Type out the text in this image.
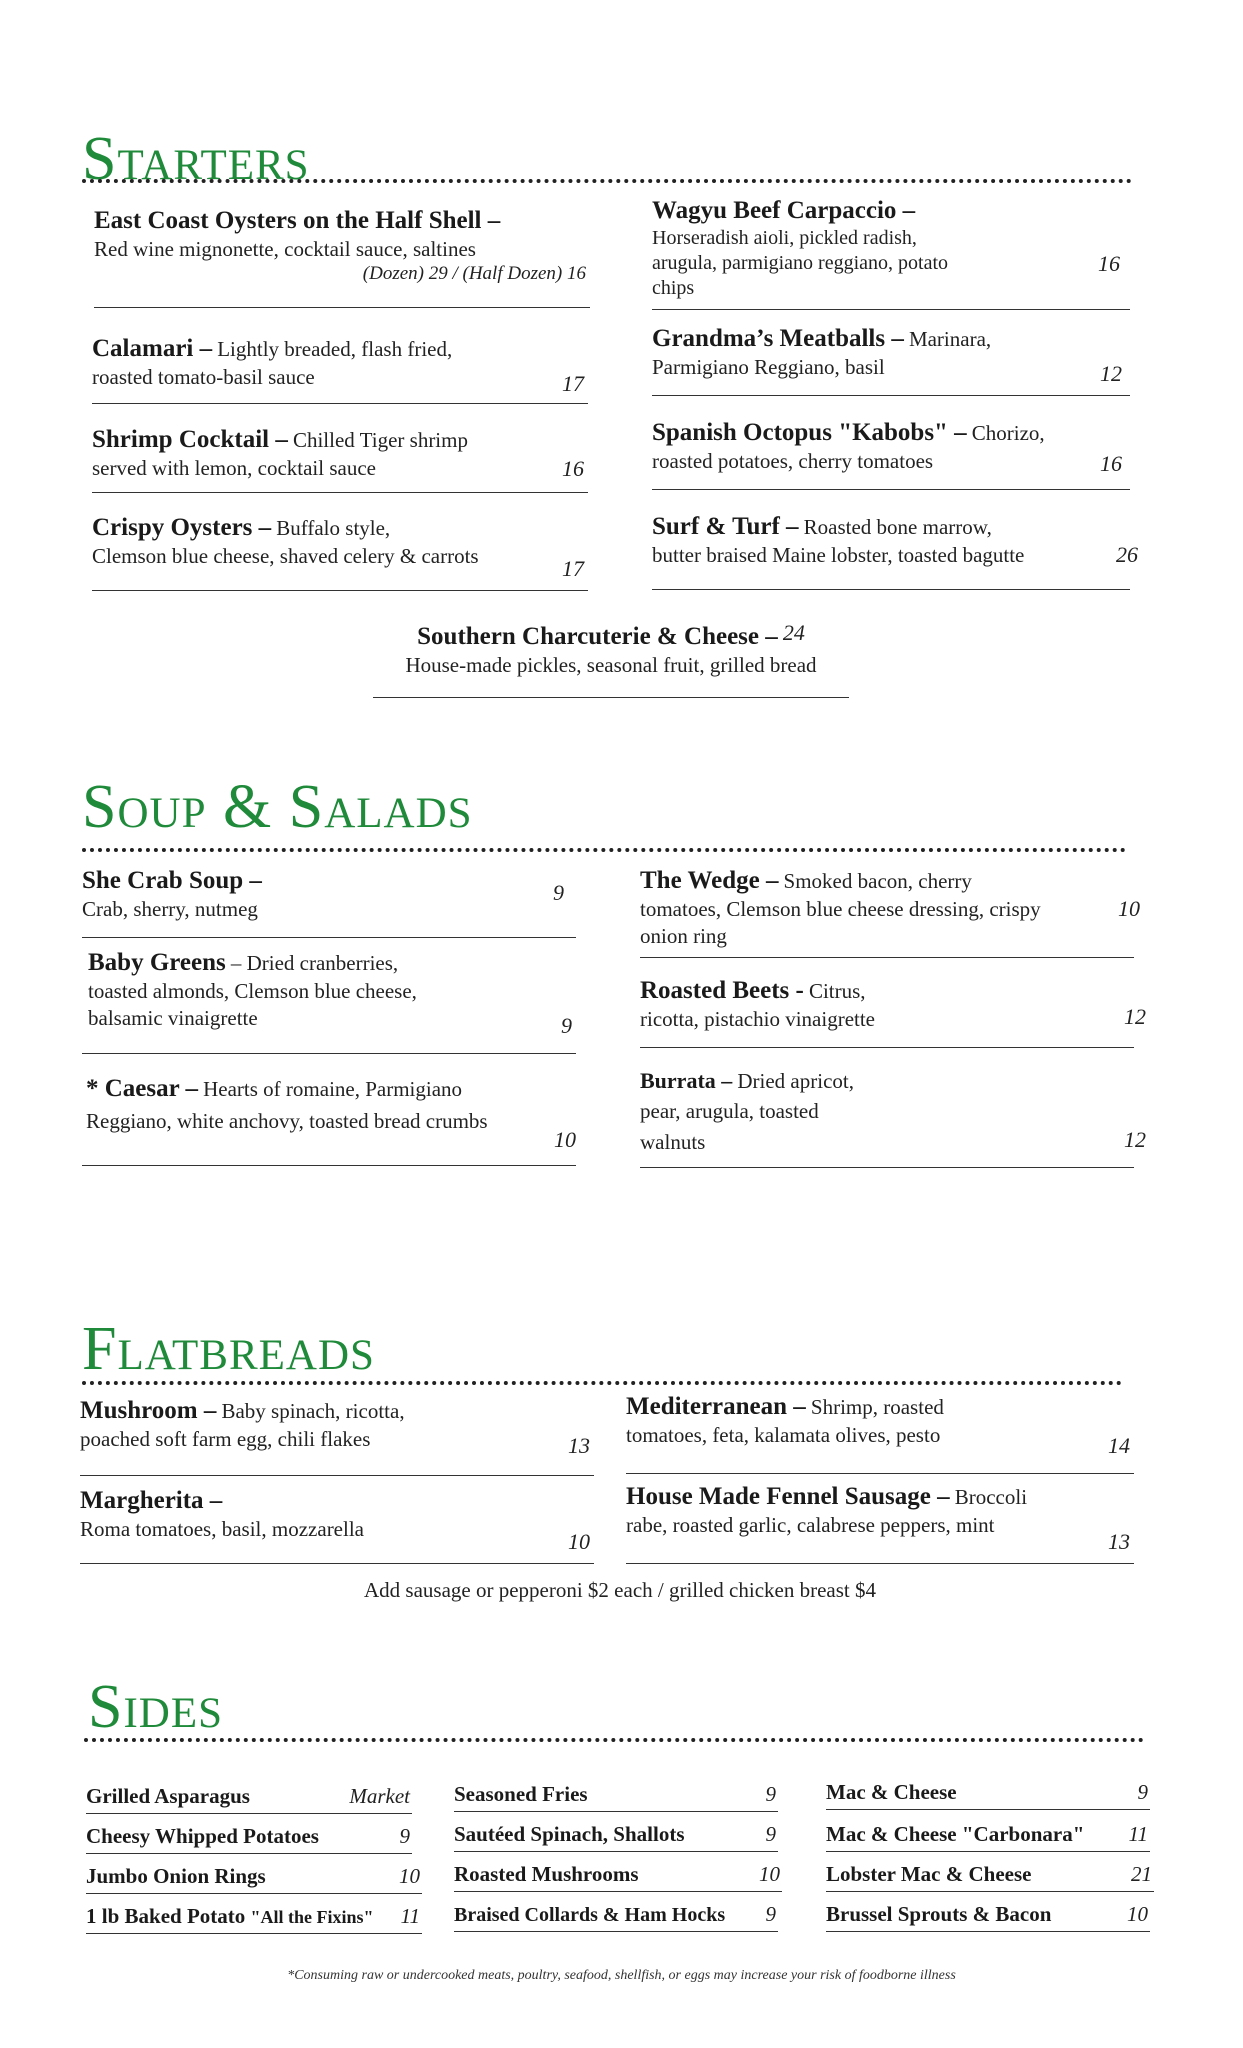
Starters
East Coast Oysters on the Half Shell –
Red wine mignonette, cocktail sauce, saltines
(Dozen) 29 / (Half Dozen) 16
Calamari – Lightly breaded, flash fried,
roasted tomato-basil sauce	17
Shrimp Cocktail – Chilled Tiger shrimp
served with lemon, cocktail sauce	16
Crispy Oysters – Buffalo style,
Clemson blue cheese, shaved celery & carrots	17
Wagyu Beef Carpaccio –
Horseradish aioli, pickled radish, arugula, parmigiano reggiano, potato chips
16
Grandma’s Meatballs – Marinara,
Parmigiano Reggiano, basil	12
Spanish Octopus "Kabobs" – Chorizo,
roasted potatoes, cherry tomatoes	16
Surf & Turf – Roasted bone marrow,
butter braised Maine lobster, toasted bagutte	26
Southern Charcuterie & Cheese – 24
House-made pickles, seasonal fruit, grilled bread
Soup & Salads
She Crab Soup –
Crab, sherry, nutmeg
9
Baby Greens – Dried cranberries,
toasted almonds, Clemson blue cheese, balsamic vinaigrette	9
* Caesar – Hearts of romaine, Parmigiano
Reggiano, white anchovy, toasted bread crumbs
10
The Wedge – Smoked bacon, cherry
tomatoes, Clemson blue cheese dressing, crispy onion ring
10
Roasted Beets - Citrus,
ricotta, pistachio vinaigrette	12
Burrata – Dried apricot,
pear, arugula, toasted walnuts	12
Flatbreads
Mushroom – Baby spinach, ricotta,
poached soft farm egg, chili flakes	13
Margherita –
Roma tomatoes, basil, mozzarella	10
Mediterranean – Shrimp, roasted
tomatoes, feta, kalamata olives, pesto	14
House Made Fennel Sausage – Broccoli
rabe, roasted garlic, calabrese peppers, mint
13
Add sausage or pepperoni $2 each / grilled chicken breast $4
Sides
Grilled Asparagus	Market
Cheesy Whipped Potatoes	9
Jumbo Onion Rings	10
1 lb Baked Potato "All the Fixins" 11
Seasoned Fries	9
Sautéed Spinach, Shallots	9
Roasted Mushrooms	10
Braised Collards & Ham Hocks 9
Mac & Cheese	9
Mac & Cheese "Carbonara" 11
Lobster Mac & Cheese	21
Brussel Sprouts & Bacon	10
*Consuming raw or undercooked meats, poultry, seafood, shellfish, or eggs may increase your risk of foodborne illness
